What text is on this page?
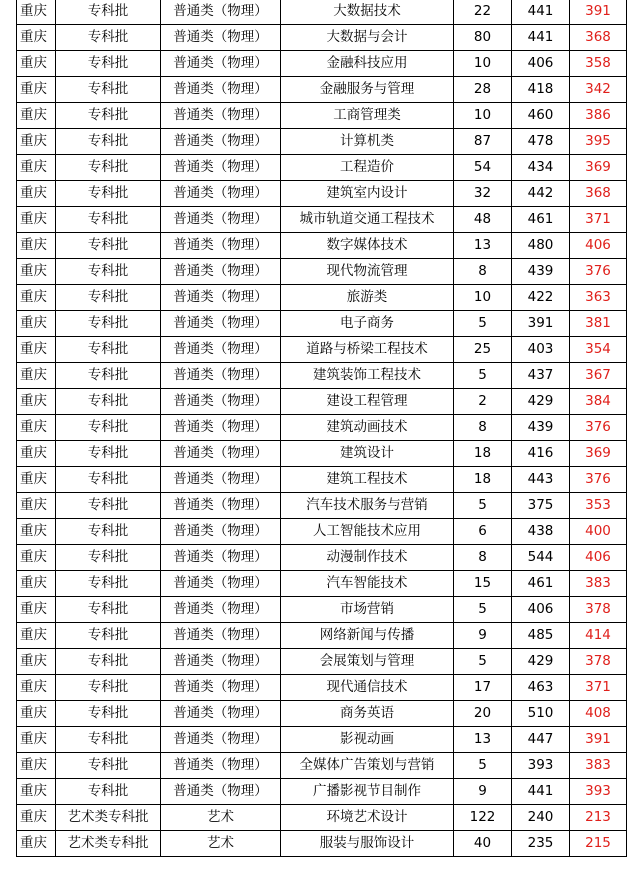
重庆	专科批	普通类（物理）	大数据技术	22	441	391
重庆	专科批	普通类（物理）	大数据与会计	80	441	368
重庆	专科批	普通类（物理）	金融科技应用	10	406	358
重庆	专科批	普通类（物理）	金融服务与管理	28	418	342
重庆	专科批	普通类（物理）	工商管理类	10	460	386
重庆	专科批	普通类（物理）	计算机类	87	478	395
重庆	专科批	普通类（物理）	工程造价	54	434	369
重庆	专科批	普通类（物理）	建筑室内设计	32	442	368
重庆	专科批	普通类（物理）	城市轨道交通工程技术	48	461	371
重庆	专科批	普通类（物理）	数字媒体技术	13	480	406
重庆	专科批	普通类（物理）	现代物流管理	8	439	376
重庆	专科批	普通类（物理）	旅游类	10	422	363
重庆	专科批	普通类（物理）	电子商务	5	391	381
重庆	专科批	普通类（物理）	道路与桥梁工程技术	25	403	354
重庆	专科批	普通类（物理）	建筑装饰工程技术	5	437	367
重庆	专科批	普通类（物理）	建设工程管理	2	429	384
重庆	专科批	普通类（物理）	建筑动画技术	8	439	376
重庆	专科批	普通类（物理）	建筑设计	18	416	369
重庆	专科批	普通类（物理）	建筑工程技术	18	443	376
重庆	专科批	普通类（物理）	汽车技术服务与营销	5	375	353
重庆	专科批	普通类（物理）	人工智能技术应用	6	438	400
重庆	专科批	普通类（物理）	动漫制作技术	8	544	406
重庆	专科批	普通类（物理）	汽车智能技术	15	461	383
重庆	专科批	普通类（物理）	市场营销	5	406	378
重庆	专科批	普通类（物理）	网络新闻与传播	9	485	414
重庆	专科批	普通类（物理）	会展策划与管理	5	429	378
重庆	专科批	普通类（物理）	现代通信技术	17	463	371
重庆	专科批	普通类（物理）	商务英语	20	510	408
重庆	专科批	普通类（物理）	影视动画	13	447	391
重庆	专科批	普通类（物理）	全媒体广告策划与营销	5	393	383
重庆	专科批	普通类（物理）	广播影视节目制作	9	441	393
重庆	艺术类专科批	艺术	环境艺术设计	122	240	213
重庆	艺术类专科批	艺术	服装与服饰设计	40	235	215
